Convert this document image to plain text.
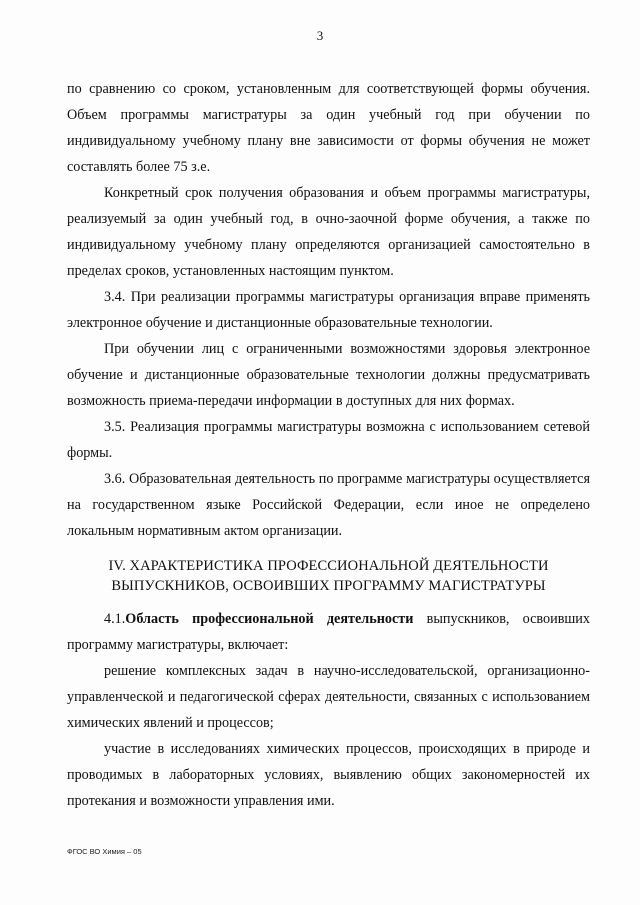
3

по сравнению со сроком, установленным для соответствующей формы обучения. Объем программы магистратуры за один учебный год при обучении по индивидуальному учебному плану вне зависимости от формы обучения не может составлять более 75 з.е.

Конкретный срок получения образования и объем программы магистратуры, реализуемый за один учебный год, в очно-заочной форме обучения, а также по индивидуальному учебному плану определяются организацией самостоятельно в пределах сроков, установленных настоящим пунктом.

3.4. При реализации программы магистратуры организация вправе применять электронное обучение и дистанционные образовательные технологии.

При обучении лиц с ограниченными возможностями здоровья электронное обучение и дистанционные образовательные технологии должны предусматривать возможность приема-передачи информации в доступных для них формах.

3.5. Реализация программы магистратуры возможна с использованием сетевой формы.

3.6. Образовательная деятельность по программе магистратуры осуществляется на государственном языке Российской Федерации, если иное не определено локальным нормативным актом организации.

IV. ХАРАКТЕРИСТИКА ПРОФЕССИОНАЛЬНОЙ ДЕЯТЕЛЬНОСТИ
ВЫПУСКНИКОВ, ОСВОИВШИХ ПРОГРАММУ МАГИСТРАТУРЫ

4.1.Область профессиональной деятельности выпускников, освоивших программу магистратуры, включает:

решение комплексных задач в научно-исследовательской, организационно-управленческой и педагогической сферах деятельности, связанных с использованием химических явлений и процессов;

участие в исследованиях химических процессов, происходящих в природе и проводимых в лабораторных условиях, выявлению общих закономерностей их протекания и возможности управления ими.

ФГОС ВО Химия – 05
